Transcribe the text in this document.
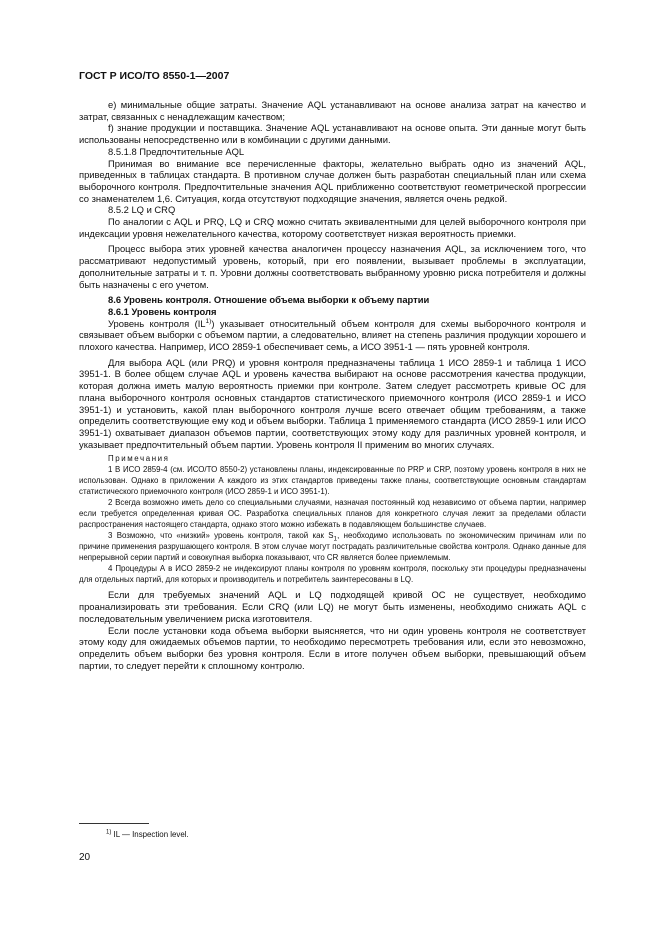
ГОСТ Р ИСО/ТО 8550-1—2007

е) минимальные общие затраты. Значение AQL устанавливают на основе анализа затрат на качество и затрат, связанных с ненадлежащим качеством;

f) знание продукции и поставщика. Значение AQL устанавливают на основе опыта. Эти данные могут быть использованы непосредственно или в комбинации с другими данными.

8.5.1.8 Предпочтительные AQL

Принимая во внимание все перечисленные факторы, желательно выбрать одно из значений AQL, приведенных в таблицах стандарта. В противном случае должен быть разработан специальный план или схема выборочного контроля. Предпочтительные значения AQL приближенно соответствуют геометрической прогрессии со знаменателем 1,6. Ситуация, когда отсутствуют подходящие значения, является очень редкой.

8.5.2 LQ и CRQ

По аналогии с AQL и PRQ, LQ и CRQ можно считать эквивалентными для целей выборочного контроля при индексации уровня нежелательного качества, которому соответствует низкая вероятность приемки.

Процесс выбора этих уровней качества аналогичен процессу назначения AQL, за исключением того, что рассматривают недопустимый уровень, который, при его появлении, вызывает проблемы в эксплуатации, дополнительные затраты и т. п. Уровни должны соответствовать выбранному уровню риска потребителя и должны быть назначены с его учетом.

8.6 Уровень контроля. Отношение объема выборки к объему партии

8.6.1 Уровень контроля

Уровень контроля (IL$^{1)}$) указывает относительный объем контроля для схемы выборочного контроля и связывает объем выборки с объемом партии, а следовательно, влияет на степень различия продукции хорошего и плохого качества. Например, ИСО 2859-1 обеспечивает семь, а ИСО 3951-1 — пять уровней контроля.

Для выбора AQL (или PRQ) и уровня контроля предназначены таблица 1 ИСО 2859-1 и таблица 1 ИСО 3951-1. В более общем случае AQL и уровень качества выбирают на основе рассмотрения качества продукции, которая должна иметь малую вероятность приемки при контроле. Затем следует рассмотреть кривые ОС для плана выборочного контроля основных стандартов статистического приемочного контроля (ИСО 2859-1 и ИСО 3951-1) и установить, какой план выборочного контроля лучше всего отвечает общим требованиям, а также определить соответствующие ему код и объем выборки. Таблица 1 применяемого стандарта (ИСО 2859-1 или ИСО 3951-1) охватывает диапазон объемов партии, соответствующих этому коду для различных уровней контроля, и указывает предпочтительный объем партии. Уровень контроля II применим во многих случаях.

Примечания

1 В ИСО 2859-4 (см. ИСО/ТО 8550-2) установлены планы, индексированные по PRP и CRP, поэтому уровень контроля в них не использован. Однако в приложении А каждого из этих стандартов приведены также планы, соответствующие основным стандартам статистического приемочного контроля (ИСО 2859-1 и ИСО 3951-1).

2 Всегда возможно иметь дело со специальными случаями, назначая постоянный код независимо от объема партии, например если требуется определенная кривая ОС. Разработка специальных планов для конкретного случая лежит за пределами области распространения настоящего стандарта, однако этого можно избежать в подавляющем большинстве случаев.

3 Возможно, что «низкий» уровень контроля, такой как $S_1$, необходимо использовать по экономическим причинам или по причине применения разрушающего контроля. В этом случае могут пострадать различительные свойства контроля. Однако данные для непрерывной серии партий и совокупная выборка показывают, что CR является более приемлемым.

4 Процедуры А в ИСО 2859-2 не индексируют планы контроля по уровням контроля, поскольку эти процедуры предназначены для отдельных партий, для которых и производитель и потребитель заинтересованы в LQ.

Если для требуемых значений AQL и LQ подходящей кривой ОС не существует, необходимо проанализировать эти требования. Если CRQ (или LQ) не могут быть изменены, необходимо снижать AQL с последовательным увеличением риска изготовителя.

Если после установки кода объема выборки выясняется, что ни один уровень контроля не соответствует этому коду для ожидаемых объемов партии, то необходимо пересмотреть требования или, если это невозможно, определить объем выборки без уровня контроля. Если в итоге получен объем выборки, превышающий объем партии, то следует перейти к сплошному контролю.

$^{1)}$ IL — Inspection level.
20
